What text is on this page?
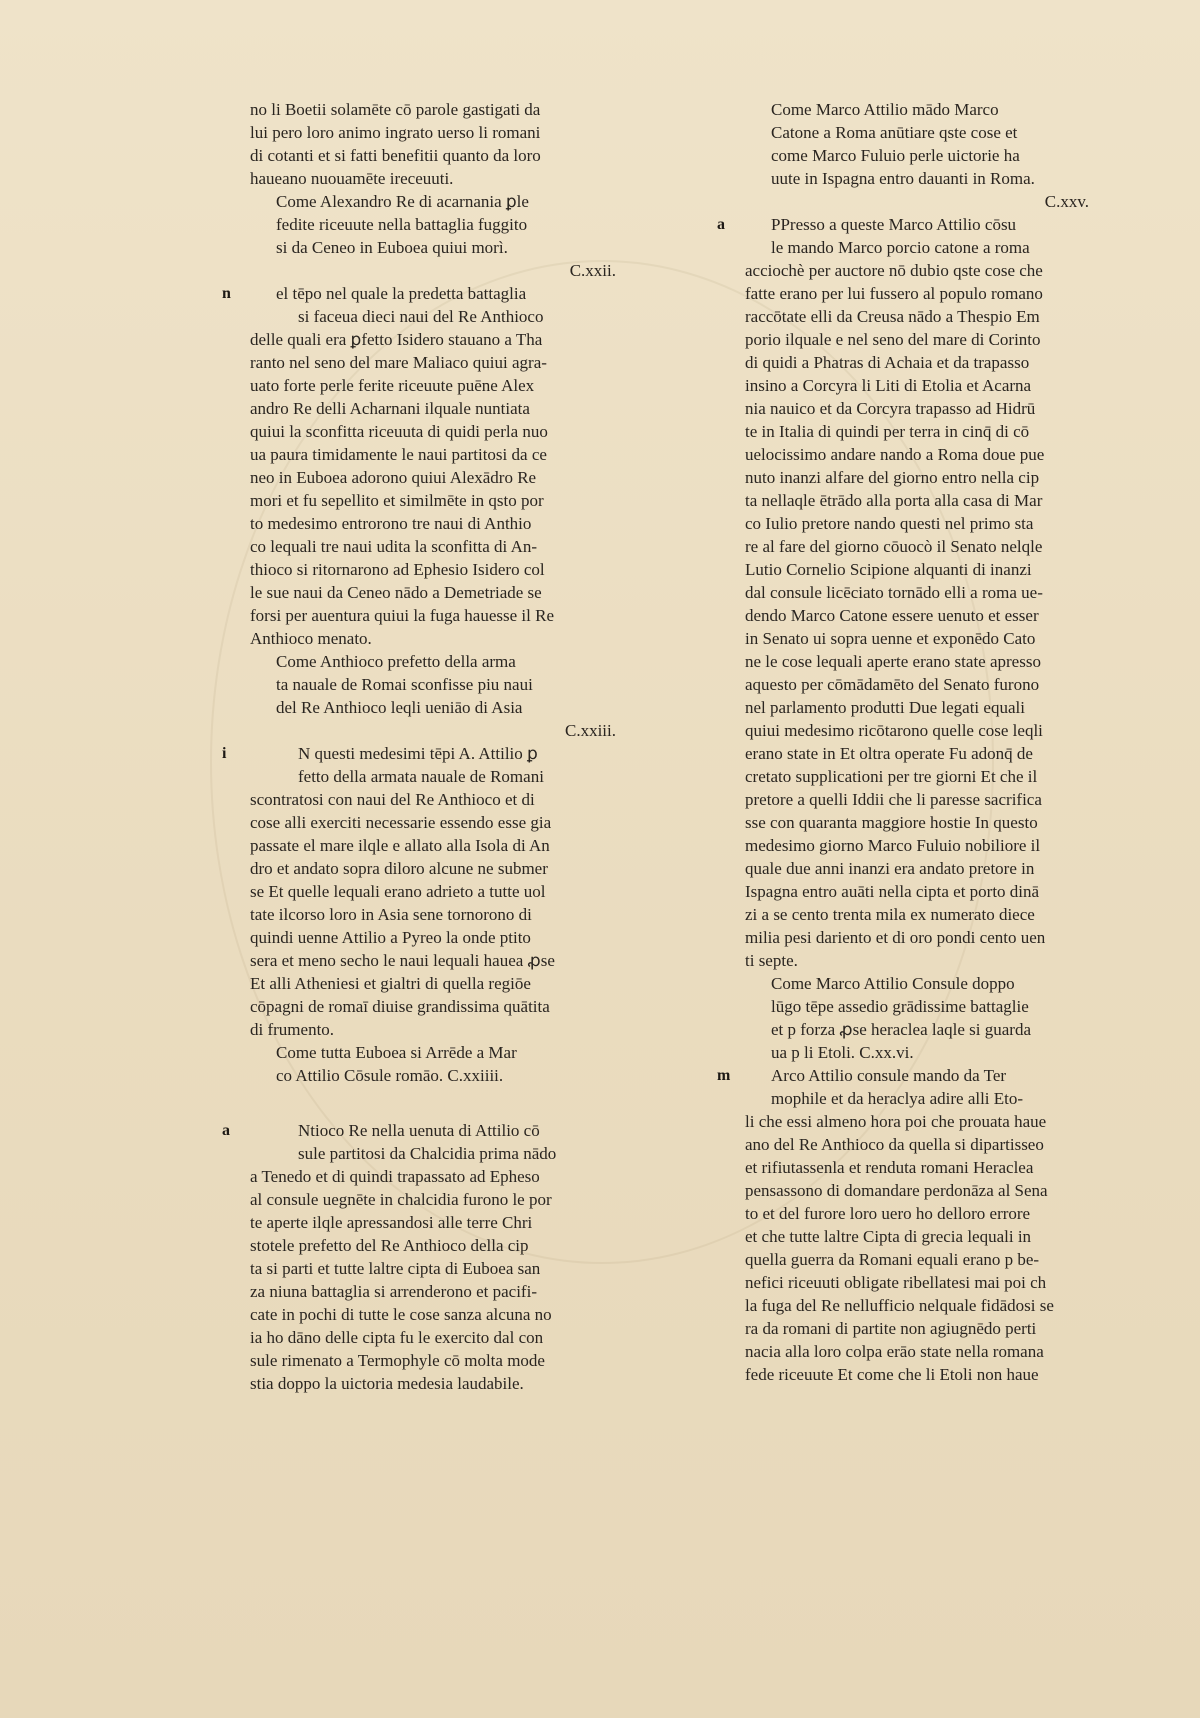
no li Boetii solamēte cō parole gastigati da
lui pero loro animo ingrato uerso li romani
di cotanti et si fatti benefitii quanto da loro
haueano nuouamēte ireceuuti.
Come Alexandro Re di acarnania ꝑle
fedite riceuute nella battaglia fuggito
si da Ceneo in Euboea quiui morì.
C.xxii.
n	el tēpo nel quale la predetta battaglia
si faceua dieci naui del Re Anthioco
delle quali era ꝑfetto Isidero stauano a Tha
ranto nel seno del mare Maliaco quiui agra-
uato forte perle ferite riceuute puēne Alex
andro Re delli Acharnani ilquale nuntiata
quiui la sconfitta riceuuta di quidi perla nuo
ua paura timidamente le naui partitosi da ce
neo in Euboea adorono quiui Alexādro Re
mori et fu sepellito et similmēte in qsto por
to medesimo entrorono tre naui di Anthio
co lequali tre naui udita la sconfitta di An-
thioco si ritornarono ad Ephesio Isidero col
le sue naui da Ceneo nādo a Demetriade se
forsi per auentura quiui la fuga hauesse il Re
Anthioco menato.
Come Anthioco prefetto della arma
ta nauale de Romai sconfisse piu naui
del Re Anthioco leqli ueniāo di Asia
C.xxiii.
i	N questi medesimi tēpi A. Attilio ꝑ
fetto della armata nauale de Romani
scontratosi con naui del Re Anthioco et di
cose alli exerciti necessarie essendo esse gia
passate el mare ilqle e allato alla Isola di An
dro et andato sopra diloro alcune ne submer
se Et quelle lequali erano adrieto a tutte uol
tate ilcorso loro in Asia sene tornorono di
quindi uenne Attilio a Pyreo la onde ptito
sera et meno secho le naui lequali hauea ꝓse
Et alli Atheniesi et gialtri di quella regiōe
cōpagni de romaī diuise grandissima quātita
di frumento.
Come tutta Euboea si Arrēde a Mar
co Attilio Cōsule romāo. C.xxiiii.
a	Ntioco Re nella uenuta di Attilio cō
sule partitosi da Chalcidia prima nādo
a Tenedo et di quindi trapassato ad Epheso
al consule uegnēte in chalcidia furono le por
te aperte ilqle apressandosi alle terre Chri
stotele prefetto del Re Anthioco della cip
ta si parti et tutte laltre cipta di Euboea san
za niuna battaglia si arrenderono et pacifi-
cate in pochi di tutte le cose sanza alcuna no
ia ho dāno delle cipta fu le exercito dal con
sule rimenato a Termophyle cō molta mode
stia doppo la uictoria medesia laudabile.
Come Marco Attilio mādo Marco
Catone a Roma anūtiare qste cose et
come Marco Fuluio perle uictorie ha
uute in Ispagna entro dauanti in Roma.
C.xxv.
a	PPresso a queste Marco Attilio cōsu
le mando Marco porcio catone a roma
acciochè per auctore nō dubio qste cose che
fatte erano per lui fussero al populo romano
raccōtate elli da Creusa nādo a Thespio Em
porio ilquale e nel seno del mare di Corinto
di quidi a Phatras di Achaia et da trapasso
insino a Corcyra li Liti di Etolia et Acarna
nia nauico et da Corcyra trapasso ad Hidrū
te in Italia di quindi per terra in cinq̄ di cō
uelocissimo andare nando a Roma doue pue
nuto inanzi alfare del giorno entro nella cip
ta nellaqle ētrādo alla porta alla casa di Mar
co Iulio pretore nando questi nel primo sta
re al fare del giorno cōuocò il Senato nelqle
Lutio Cornelio Scipione alquanti di inanzi
dal consule licēciato tornādo elli a roma ue-
dendo Marco Catone essere uenuto et esser
in Senato ui sopra uenne et exponēdo Cato
ne le cose lequali aperte erano state apresso
aquesto per cōmādamēto del Senato furono
nel parlamento produtti Due legati equali
quiui medesimo ricōtarono quelle cose leqli
erano state in Et oltra operate Fu adonq̄ de
cretato supplicationi per tre giorni Et che il
pretore a quelli Iddii che li paresse sacrifica
sse con quaranta maggiore hostie In questo
medesimo giorno Marco Fuluio nobiliore il
quale due anni inanzi era andato pretore in
Ispagna entro auāti nella cipta et porto dinā
zi a se cento trenta mila ex numerato diece
milia pesi dariento et di oro pondi cento uen
ti septe.
Come Marco Attilio Consule doppo
lūgo tēpe assedio grādissime battaglie
et p forza ꝓse heraclea laqle si guarda
ua p li Etoli. C.xx.vi.
m Arco Attilio consule mando da Ter
mophile et da heraclya adire alli Eto-
li che essi almeno hora poi che prouata haue
ano del Re Anthioco da quella si dipartisseo
et rifiutassenla et renduta romani Heraclea
pensassono di domandare perdonāza al Sena
to et del furore loro uero ho delloro errore
et che tutte laltre Cipta di grecia lequali in
quella guerra da Romani equali erano p be-
nefici riceuuti obligate ribellatesi mai poi ch
la fuga del Re nellufficio nelquale fidādosi se
ra da romani di partite non agiugnēdo perti
nacia alla loro colpa erāo state nella romana
fede riceuute Et come che li Etoli non haue
